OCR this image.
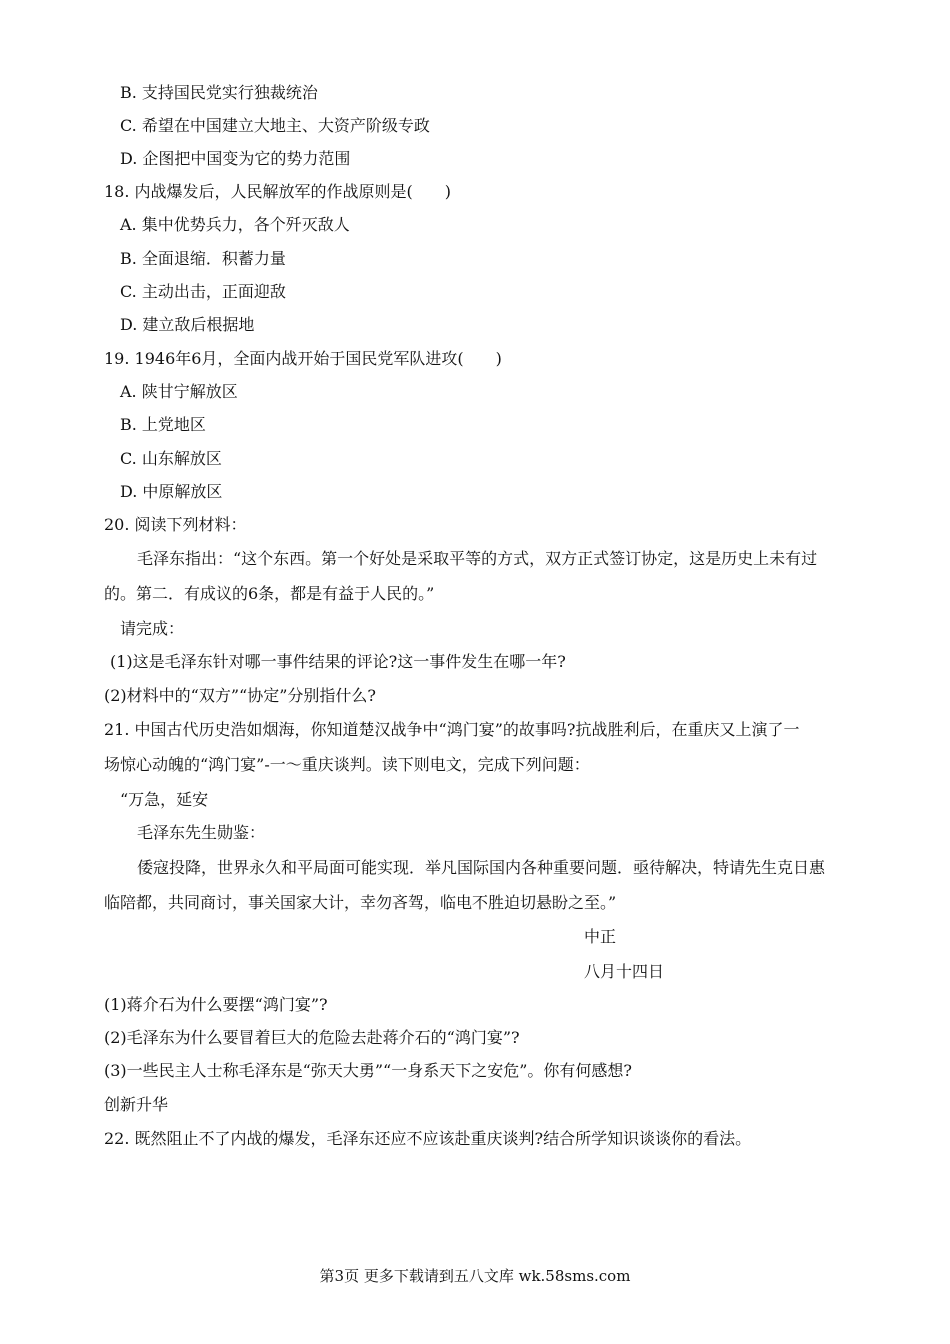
B. 支持国民党实行独裁统治
C. 希望在中国建立大地主、大资产阶级专政
D. 企图把中国变为它的势力范围
18. 内战爆发后，人民解放军的作战原则是(　　)
A. 集中优势兵力，各个歼灭敌人
B. 全面退缩．积蓄力量
C. 主动出击，正面迎敌
D. 建立敌后根据地
19. 1946年6月，全面内战开始于国民党军队进攻(　　)
A. 陕甘宁解放区
B. 上党地区
C. 山东解放区
D. 中原解放区
20. 阅读下列材料：
毛泽东指出：“这个东西。第一个好处是采取平等的方式，双方正式签订协定，这是历史上未有过
的。第二．有成议的6条，都是有益于人民的。”
请完成：
(1)这是毛泽东针对哪一事件结果的评论?这一事件发生在哪一年?
(2)材料中的“双方”“协定”分别指什么?
21. 中国古代历史浩如烟海，你知道楚汉战争中“鸿门宴”的故事吗?抗战胜利后，在重庆又上演了一
场惊心动魄的“鸿门宴”-一～重庆谈判。读下则电文，完成下列问题：
“万急，延安
毛泽东先生勋鉴：
倭寇投降，世界永久和平局面可能实现．举凡国际国内各种重要问题．亟待解决，特请先生克日惠
临陪都，共同商讨，事关国家大计，幸勿吝驾，临电不胜迫切悬盼之至。”
中正
八月十四日
(1)蒋介石为什么要摆“鸿门宴”?
(2)毛泽东为什么要冒着巨大的危险去赴蒋介石的“鸿门宴”?
(3)一些民主人士称毛泽东是“弥天大勇”“一身系天下之安危”。你有何感想?
创新升华
22. 既然阻止不了内战的爆发，毛泽东还应不应该赴重庆谈判?结合所学知识谈谈你的看法。
第3页 更多下载请到五八文库 wk.58sms.com
